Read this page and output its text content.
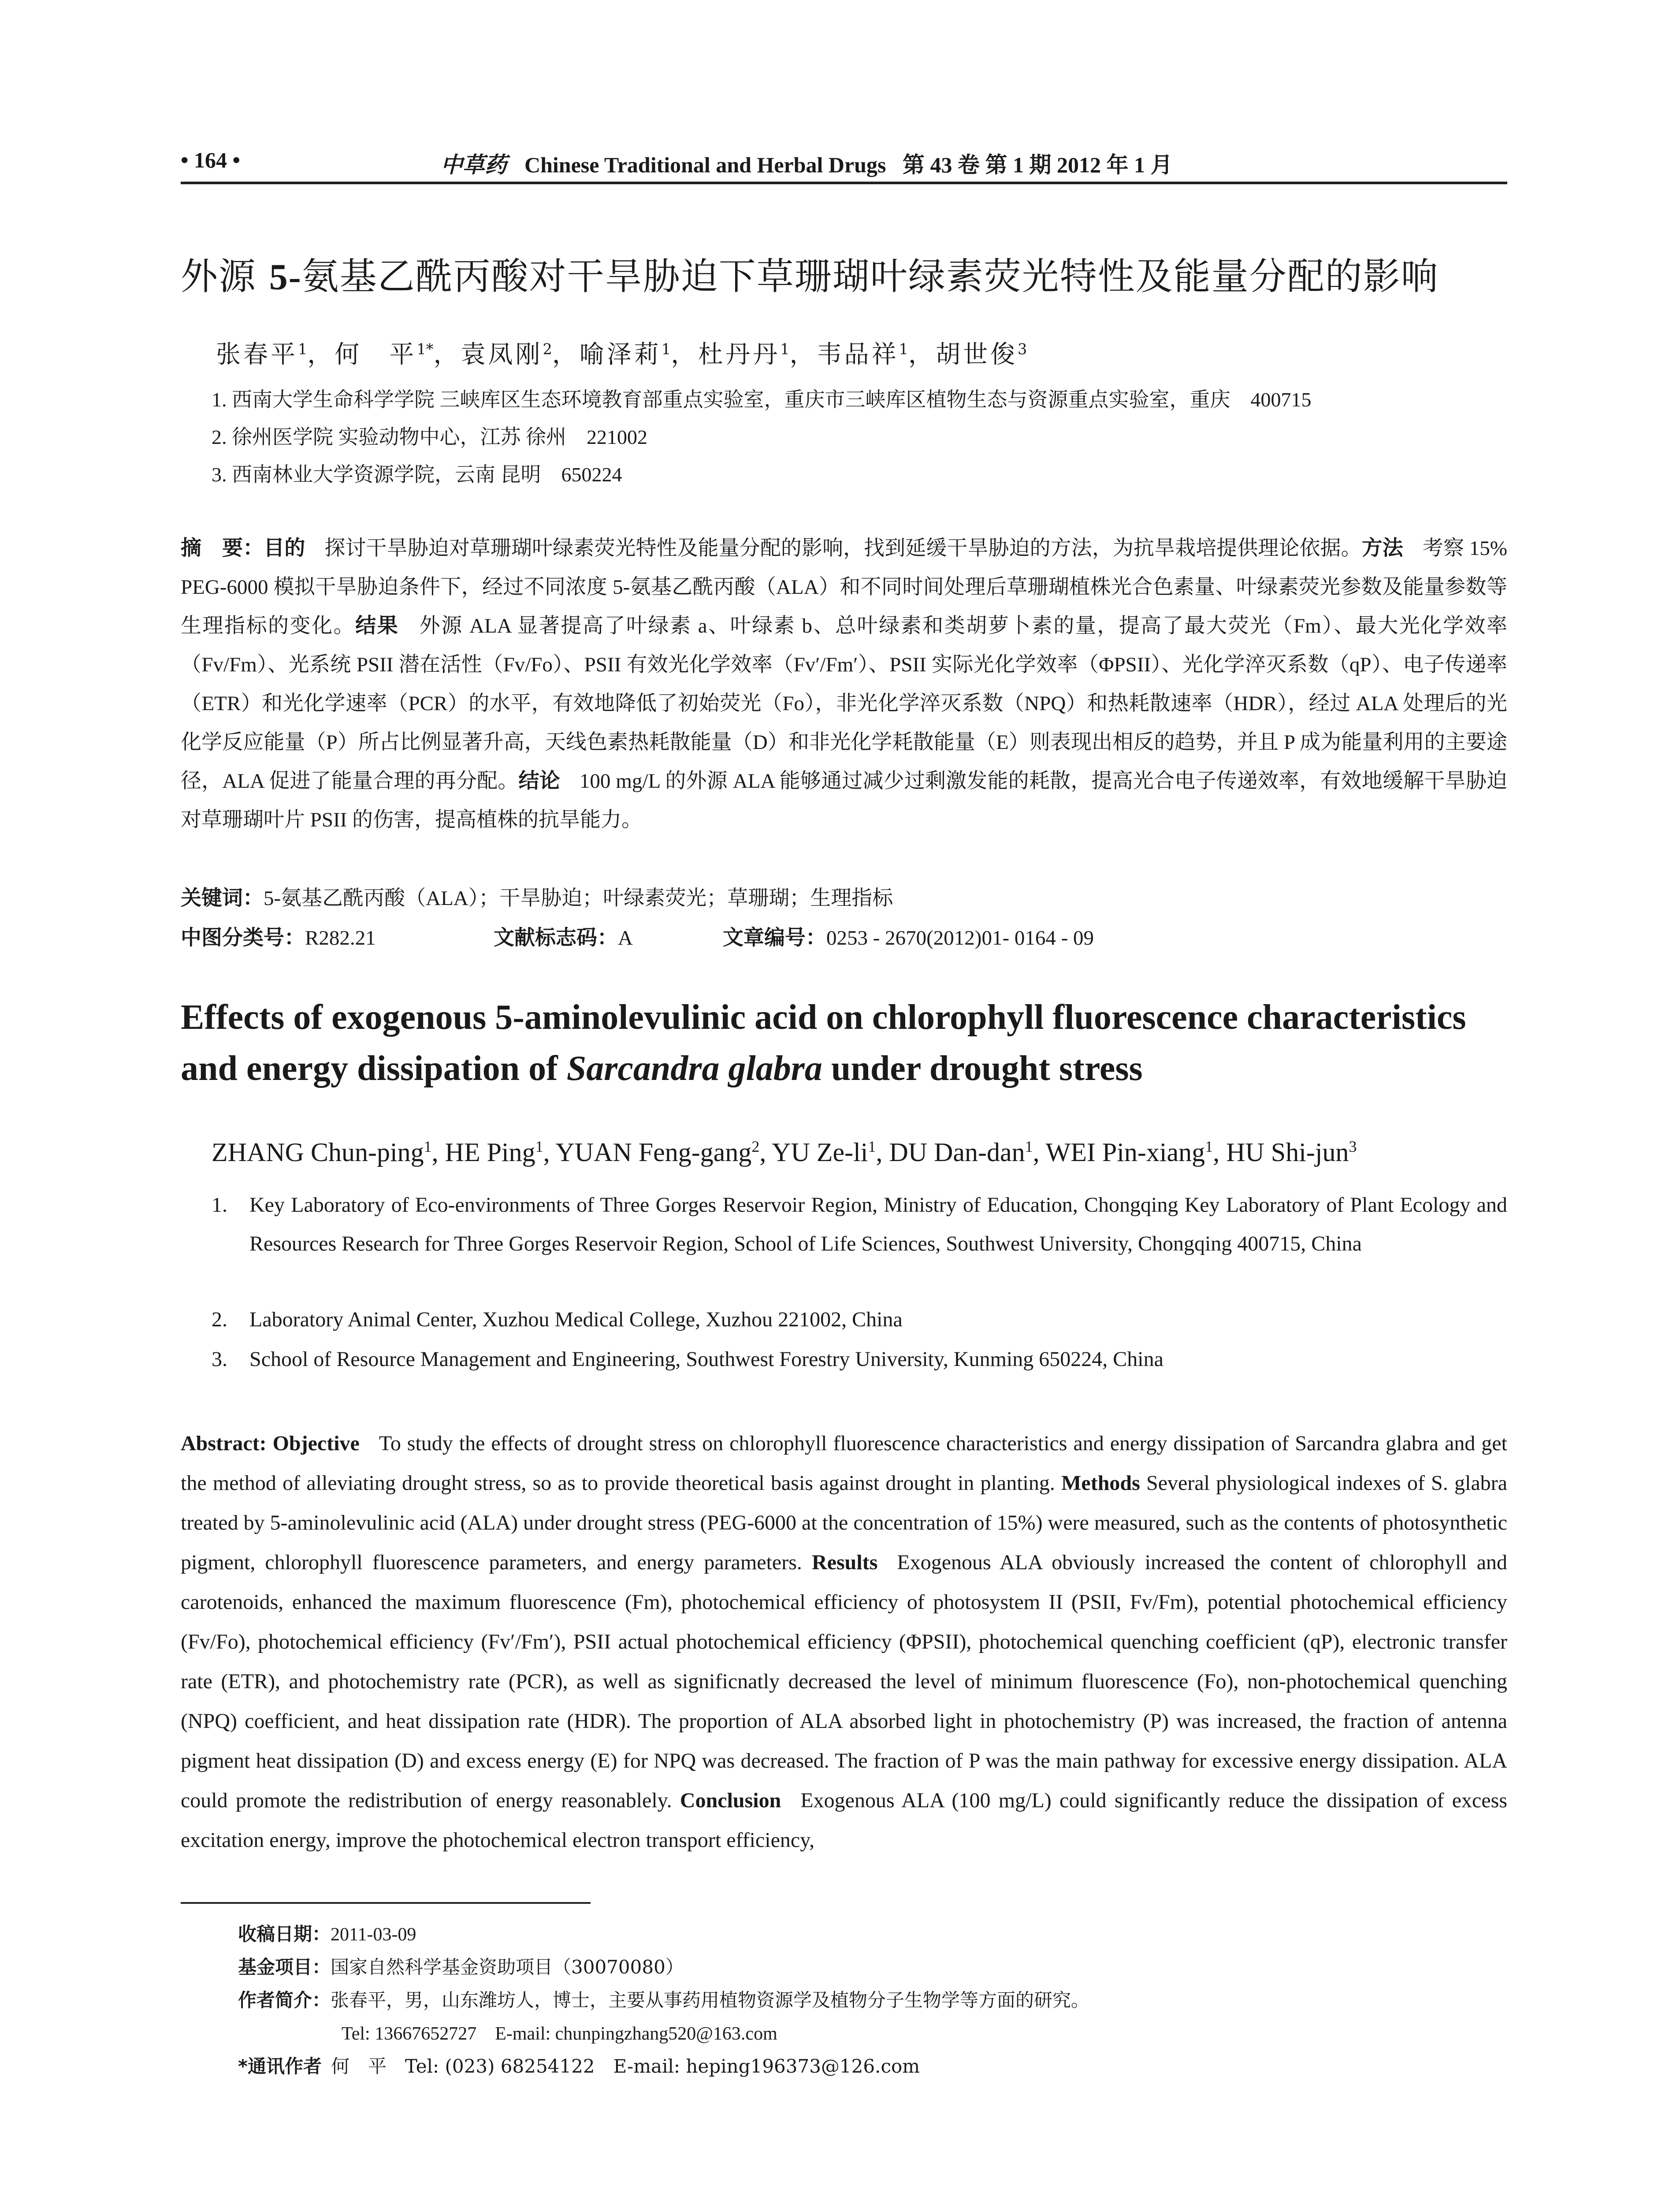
• 164 •	中草药 Chinese Traditional and Herbal Drugs 第 43 卷 第 1 期 2012 年 1 月
外源 5-氨基乙酰丙酸对干旱胁迫下草珊瑚叶绿素荧光特性及能量分配的影响
张春平$^1$，何　平$^{1*}$，袁凤刚$^2$，喻泽莉$^1$，杜丹丹$^1$，韦品祥$^1$，胡世俊$^3$
1. 西南大学生命科学学院 三峡库区生态环境教育部重点实验室，重庆市三峡库区植物生态与资源重点实验室，重庆　400715
2. 徐州医学院 实验动物中心，江苏 徐州　221002
3. 西南林业大学资源学院，云南 昆明　650224
摘　要：目的 探讨干旱胁迫对草珊瑚叶绿素荧光特性及能量分配的影响，找到延缓干旱胁迫的方法，为抗旱栽培提供理论依据。方法 考察 15% PEG-6000 模拟干旱胁迫条件下，经过不同浓度 5-氨基乙酰丙酸（ALA）和不同时间处理后草珊瑚植株光合色素量、叶绿素荧光参数及能量参数等生理指标的变化。结果 外源 ALA 显著提高了叶绿素 a、叶绿素 b、总叶绿素和类胡萝卜素的量，提高了最大荧光（Fm）、最大光化学效率（Fv/Fm）、光系统 PSII 潜在活性（Fv/Fo）、PSII 有效光化学效率（Fv′/Fm′）、PSII 实际光化学效率（ΦPSII）、光化学淬灭系数（qP）、电子传递率（ETR）和光化学速率（PCR）的水平，有效地降低了初始荧光（Fo），非光化学淬灭系数（NPQ）和热耗散速率（HDR），经过 ALA 处理后的光化学反应能量（P）所占比例显著升高，天线色素热耗散能量（D）和非光化学耗散能量（E）则表现出相反的趋势，并且 P 成为能量利用的主要途径，ALA 促进了能量合理的再分配。结论 100 mg/L 的外源 ALA 能够通过减少过剩激发能的耗散，提高光合电子传递效率，有效地缓解干旱胁迫对草珊瑚叶片 PSII 的伤害，提高植株的抗旱能力。
关键词：5-氨基乙酰丙酸（ALA）；干旱胁迫；叶绿素荧光；草珊瑚；生理指标
中图分类号：R282.21	文献标志码：A	文章编号：0253 - 2670(2012)01- 0164 - 09
Effects of exogenous 5-aminolevulinic acid on chlorophyll fluorescence characteristics
and energy dissipation of Sarcandra glabra under drought stress
ZHANG Chun-ping$^1$, HE Ping$^1$, YUAN Feng-gang$^2$, YU $Ze-li^1$, DU Dan-dan$^1$, WEI Pin-xiang$^1$, HU Shi-jun$^3$
1.	Key Laboratory of Eco-environments of Three Gorges Reservoir Region, Ministry of Education, Chongqing Key Laboratory of Plant Ecology and Resources Research for Three Gorges Reservoir Region, School of Life Sciences, Southwest University, Chongqing 400715, China
2.	Laboratory Animal Center, Xuzhou Medical College, Xuzhou 221002, China
3.	School of Resource Management and Engineering, Southwest Forestry University, Kunming 650224, China
Abstract: Objective To study the effects of drought stress on chlorophyll fluorescence characteristics and energy dissipation of Sarcandra glabra and get the method of alleviating drought stress, so as to provide theoretical basis against drought in planting. Methods Several physiological indexes of S. glabra treated by 5-aminolevulinic acid (ALA) under drought stress (PEG-6000 at the concentration of 15%) were measured, such as the contents of photosynthetic pigment, chlorophyll fluorescence parameters, and energy parameters. Results Exogenous ALA obviously increased the content of chlorophyll and carotenoids, enhanced the maximum fluorescence (Fm), photochemical efficiency of photosystem II (PSII, Fv/Fm), potential photochemical efficiency (Fv/Fo), photochemical efficiency (Fv′/Fm′), PSII actual photochemical efficiency (ΦPSII), photochemical quenching coefficient (qP), electronic transfer rate (ETR), and photochemistry rate (PCR), as well as significnatly decreased the level of minimum fluorescence (Fo), non-photochemical quenching (NPQ) coefficient, and heat dissipation rate (HDR). The proportion of ALA absorbed light in photochemistry (P) was increased, the fraction of antenna pigment heat dissipation (D) and excess energy (E) for NPQ was decreased. The fraction of P was the main pathway for excessive energy dissipation. ALA could promote the redistribution of energy reasonablely. Conclusion Exogenous ALA (100 mg/L) could significantly reduce the dissipation of excess excitation energy, improve the photochemical electron transport efficiency,
收稿日期：2011-03-09
基金项目：国家自然科学基金资助项目（30070080）
作者简介：张春平，男，山东潍坊人，博士，主要从事药用植物资源学及植物分子生物学等方面的研究。
Tel: 13667652727　E-mail: chunpingzhang520@163.com
*通讯作者 何　平　Tel: (023) 68254122　E-mail: heping196373@126.com
